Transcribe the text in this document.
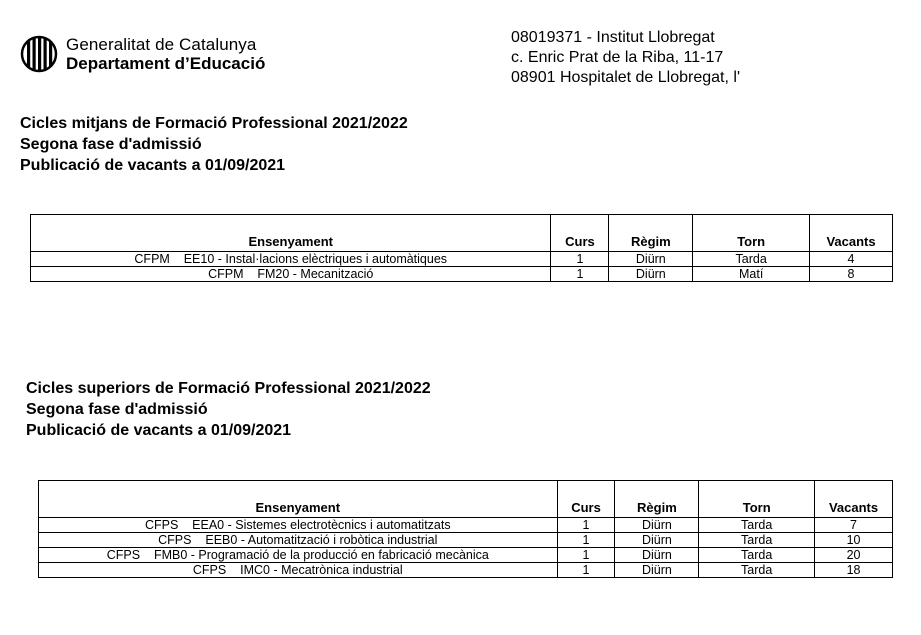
Generalitat de Catalunya
Departament d’Educació
08019371 - Institut Llobregat
c. Enric Prat de la Riba, 11-17
08901 Hospitalet de Llobregat, l'
Cicles mitjans de Formació Professional 2021/2022
Segona fase d'admissió
Publicació de vacants a 01/09/2021
Ensenyament	Curs	Règim	Torn	Vacants
CFPM    EE10 - Instal·lacions elèctriques i automàtiques	1	Diürn	Tarda	4
CFPM    FM20 - Mecanització	1	Diürn	Matí	8
Cicles superiors de Formació Professional 2021/2022
Segona fase d'admissió
Publicació de vacants a 01/09/2021
Ensenyament	Curs	Règim	Torn	Vacants
CFPS    EEA0 - Sistemes electrotècnics i automatitzats	1	Diürn	Tarda	7
CFPS    EEB0 - Automatització i robòtica industrial	1	Diürn	Tarda	10
CFPS    FMB0 - Programació de la producció en fabricació mecànica	1	Diürn	Tarda	20
CFPS    IMC0 - Mecatrònica industrial	1	Diürn	Tarda	18
